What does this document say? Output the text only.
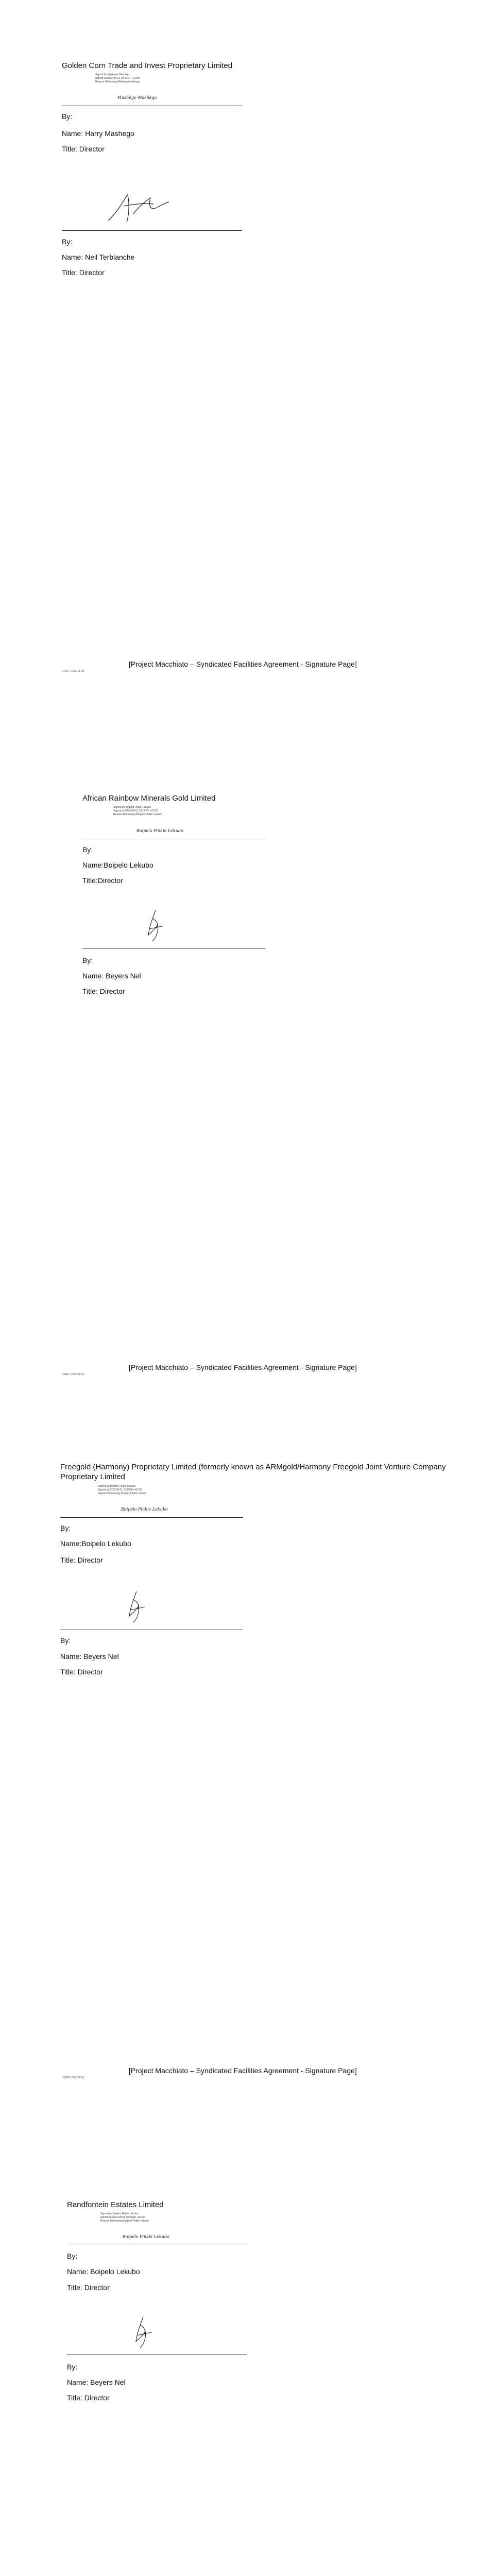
Golden Corn Trade and Invest Proprietary Limited
Signed by:Mashego Mashego
Signed at:2023-08-01 10:47:27 +02:00
Reason:Witnessing Mashego Mashego
Mashego Mashego
By:
Name: Harry Mashego
Title: Director
By:
Name: Neil Terblanche
Title: Director
[Project Macchiato – Syndicated Facilities Agreement - Signature Page]
DRAFT 2023-08-01
African Rainbow Minerals Gold Limited
Signed by:Boipelo Pinkie Lekubo
Signed at:2023-08-01 10:17:42 +02:00
Reason:Witnessing Boipelo Pinkie Lekubo
Boipelo Pinkie Lekubo
By:
Name:Boipelo Lekubo
Title:Director
By:
Name: Beyers Nel
Title: Director
[Project Macchiato – Syndicated Facilities Agreement - Signature Page]
DRAFT 2023-08-01
Freegold (Harmony) Proprietary Limited (formerly known as ARMgold/Harmony Freegold Joint Venture Company Proprietary Limited
Signed by:Boipelo Pinkie Lekubo
Signed at:2023-08-01 10:19:03 +02:00
Reason:Witnessing Boipelo Pinkie Lekubo
Boipelo Pinkie Lekubo
By:
Name:Boipelo Lekubo
Title: Director
By:
Name: Beyers Nel
Title: Director
[Project Macchiato – Syndicated Facilities Agreement - Signature Page]
DRAFT 2023-08-01
Randfontein Estates Limited
Signed by:Boipelo Pinkie Lekubo
Signed at:2023-08-01 10:21:10 +02:00
Reason:Witnessing Boipelo Pinkie Lekubo
Boipelo Pinkie Lekubo
By:
Name: Boipelo Lekubo
Title: Director
By:
Name: Beyers Nel
Title: Director
